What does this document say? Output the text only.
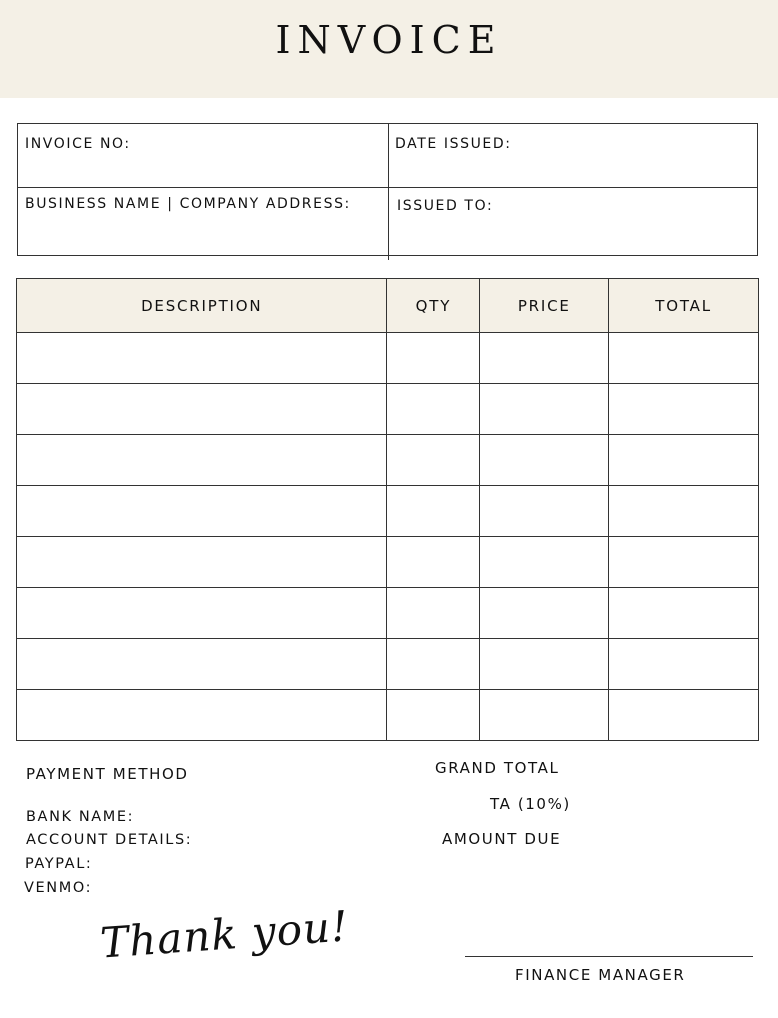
INVOICE
INVOICE NO:	DATE ISSUED:
BUSINESS NAME | COMPANY ADDRESS:	ISSUED TO:
DESCRIPTION	QTY	PRICE	TOTAL

PAYMENT METHOD
BANK NAME:
ACCOUNT DETAILS:
PAYPAL:
VENMO:
GRAND TOTAL
TA (10%)
AMOUNT DUE
Thank you!
FINANCE MANAGER
